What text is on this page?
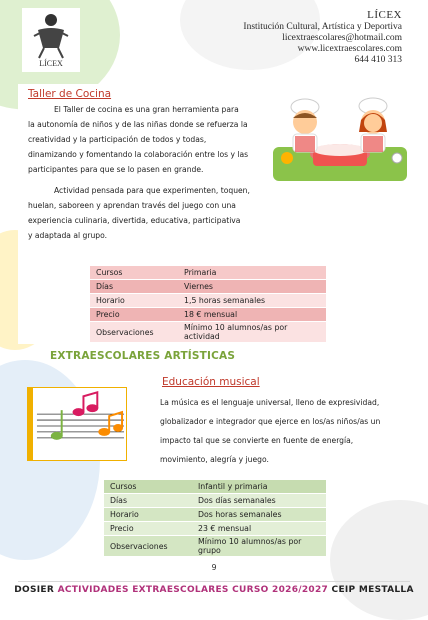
LÍCEX
LÍCEX
Institución Cultural, Artística y Deportiva
licextraescolares@hotmail.com
www.licextraescolares.com
644 410 313
Taller de Cocina
El Taller de cocina es una gran herramienta para
la autonomía de niños y de las niñas donde se refuerza la
creatividad y la participación de todos y todas,
dinamizando y fomentando la colaboración entre los y las
participantes para que se lo pasen en grande.
Actividad pensada para que experimenten, toquen,
huelan, saboreen y aprendan través del juego con una
experiencia culinaria, divertida, educativa, participativa
y adaptada al grupo.
Cursos	Primaria
Días	Viernes
Horario	1,5 horas semanales
Precio	18 € mensual
Observaciones	Mínimo 10 alumnos/as por actividad
EXTRAESCOLARES ARTÍSTICAS
Educación musical
La música es el lenguaje universal, lleno de expresividad,
globalizador e integrador que ejerce en los/as niños/as un
impacto tal que se convierte en fuente de energía,
movimiento, alegría y juego.
Cursos	Infantil y primaria
Días	Dos días semanales
Horario	Dos horas semanales
Precio	23 € mensual
Observaciones	Mínimo 10 alumnos/as por grupo
9
DOSIER ACTIVIDADES EXTRAESCOLARES CURSO 2026/2027 CEIP MESTALLA
